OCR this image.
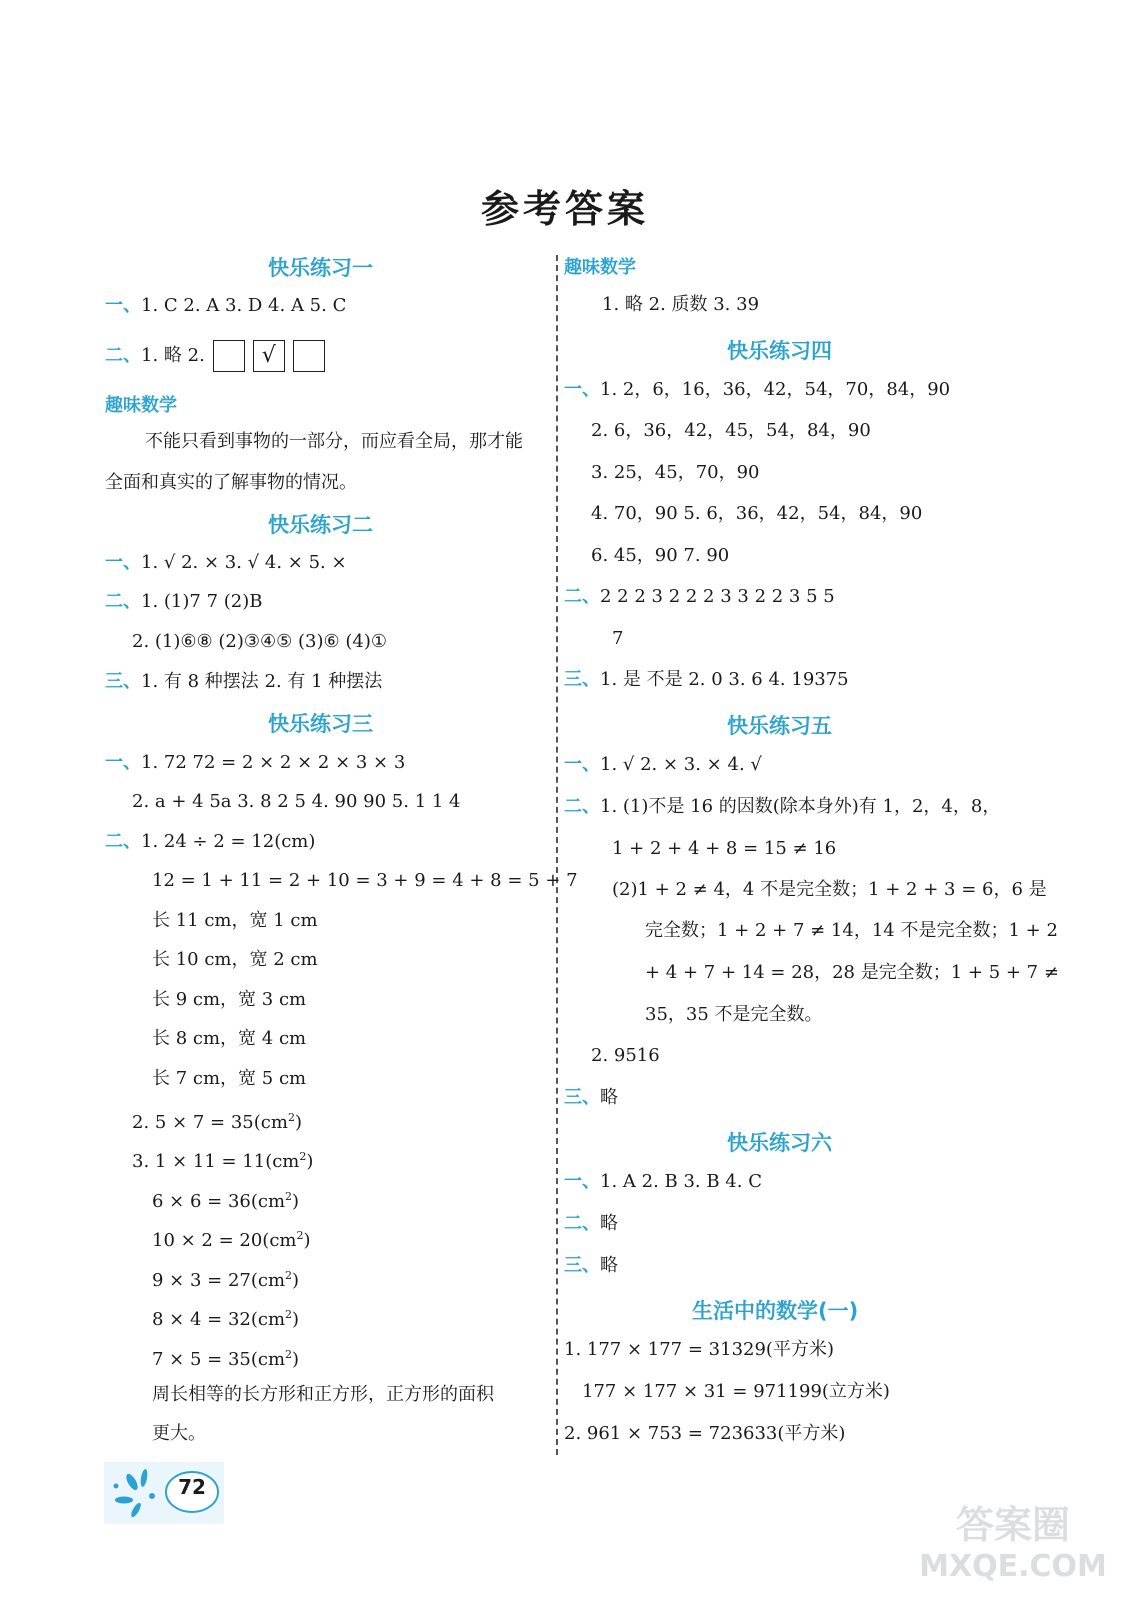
参考答案
快乐练习一
一、1. C 2. A 3. D 4. A 5. C
二、1. 略 2.	√
趣味数学
不能只看到事物的一部分，而应看全局，那才能
全面和真实的了解事物的情况。
快乐练习二
一、1. √ 2. × 3. √ 4. × 5. ×
二、1. (1)7 7 (2)B
2. (1)⑥⑧ (2)③④⑤ (3)⑥ (4)①
三、1. 有 8 种摆法 2. 有 1 种摆法
快乐练习三
一、1. 72 72 = 2 × 2 × 2 × 3 × 3
2. a + 4 5a 3. 8 2 5 4. 90 90 5. 1 1 4
二、1. 24 ÷ 2 = 12(cm)
12 = 1 + 11 = 2 + 10 = 3 + 9 = 4 + 8 = 5 + 7
长 11 cm，宽 1 cm
长 10 cm，宽 2 cm
长 9 cm，宽 3 cm
长 8 cm，宽 4 cm
长 7 cm，宽 5 cm
2. $5 \times 7 = 35(cm^2)$
3. $1 \times 11 = 11(cm^2)$
$6 \times 6 = 36(cm^2)$
$10 \times 2 = 20(cm^2)$
$9 \times 3 = 27(cm^2)$
$8 \times 4 = 32(cm^2)$
$7 \times 5 = 35(cm^2)$
周长相等的长方形和正方形，正方形的面积
更大。
趣味数学
1. 略 2. 质数 3. 39
快乐练习四
一、1. 2，6，16，36，42，54，70，84，90
2. 6，36，42，45，54，84，90
3. 25，45，70，90
4. 70，90 5. 6，36，42，54，84，90
6. 45，90 7. 90
二、2 2 2 3 2 2 2 3 3 2 2 3 5 5
7
三、1. 是 不是 2. 0 3. 6 4. 19375
快乐练习五
一、1. √ 2. × 3. × 4. √
二、1. (1)不是 16 的因数(除本身外)有 1，2，4，8，
1 + 2 + 4 + 8 = 15 ≠ 16
(2)1 + 2 ≠ 4，4 不是完全数；1 + 2 + 3 = 6，6 是
完全数；1 + 2 + 7 ≠ 14，14 不是完全数；1 + 2
+ 4 + 7 + 14 = 28，28 是完全数；1 + 5 + 7 ≠
35，35 不是完全数。
2. 9516
三、略
快乐练习六
一、1. A 2. B 3. B 4. C
二、略
三、略
生活中的数学(一)
1. 177 × 177 = 31329(平方米)
177 × 177 × 31 = 971199(立方米)
2. 961 × 753 = 723633(平方米)
72
答案圈
MXQE.COM
